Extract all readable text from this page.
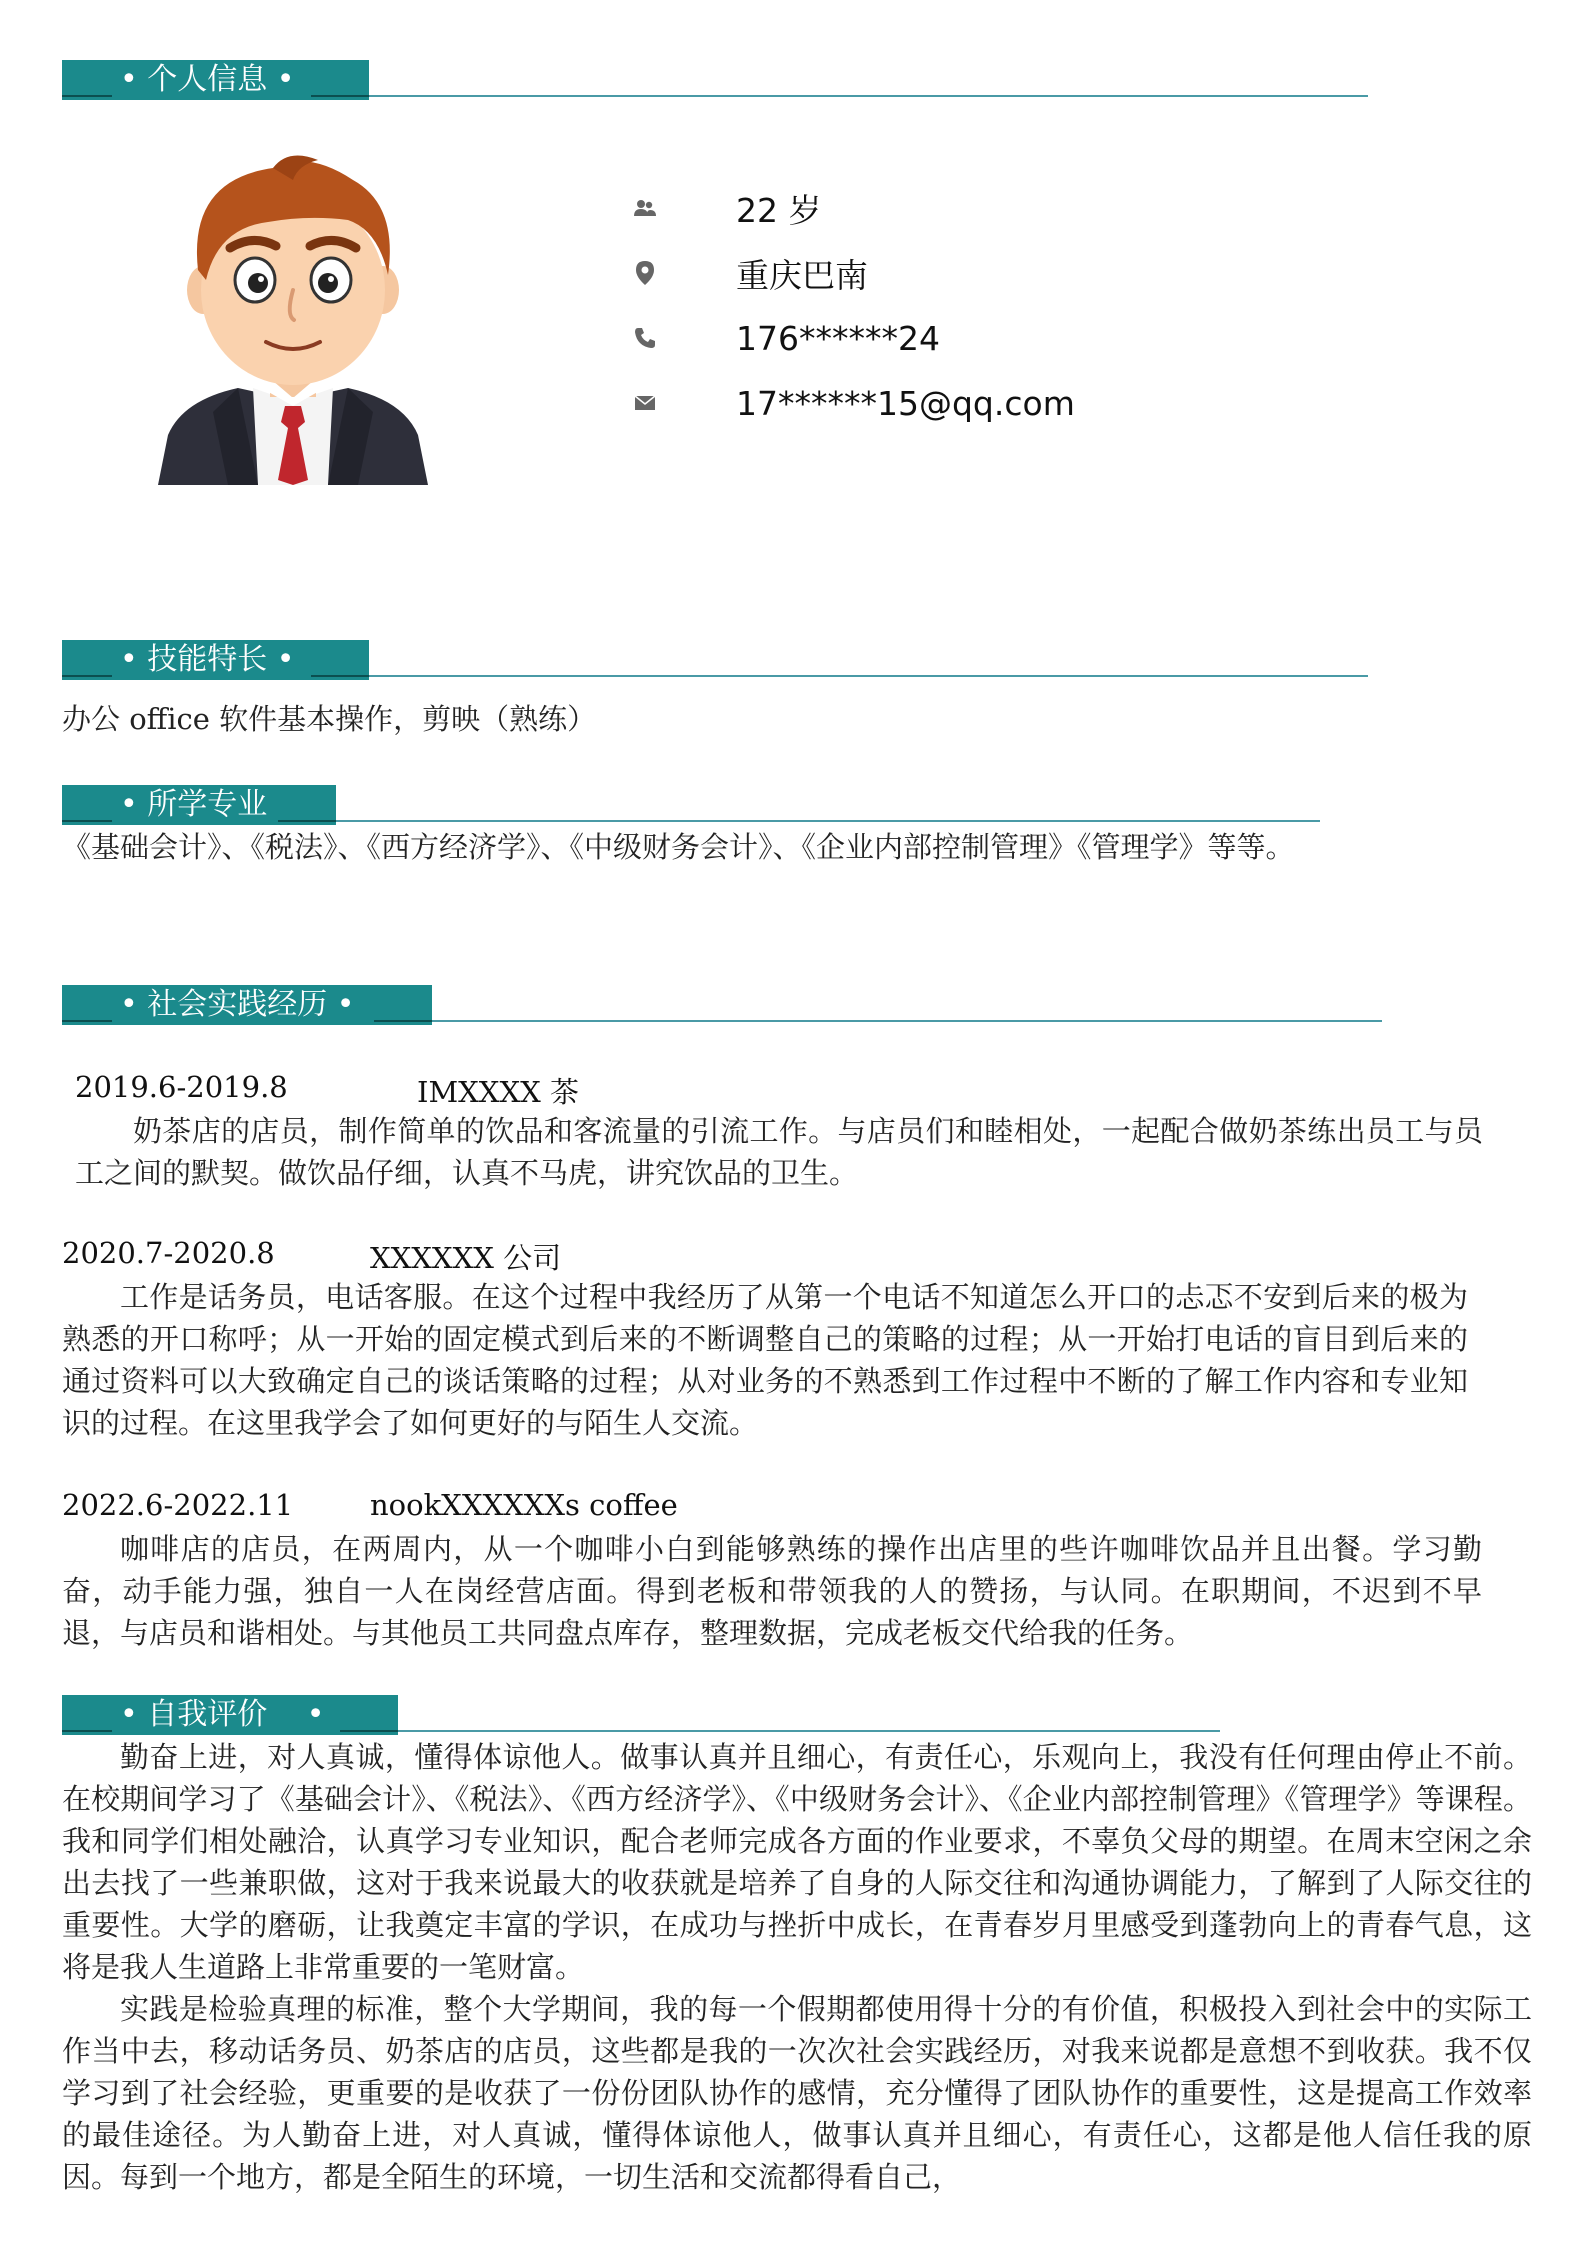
• 个人信息 •
22 岁
重庆巴南
176******24
17******15@qq.com
• 技能特长 •
办公 office 软件基本操作，剪映（熟练）
• 所学专业
《基础会计》、《税法》、《西方经济学》、《中级财务会计》、《企业内部控制管理》《管理学》等等。
• 社会实践经历 •
2019.6-2019.8	IMXXXX 茶
奶茶店的店员，制作简单的饮品和客流量的引流工作。与店员们和睦相处，一起配合做奶茶练出员工与员工之间的默契。做饮品仔细，认真不马虎，讲究饮品的卫生。
2020.7-2020.8	XXXXXX 公司
工作是话务员，电话客服。在这个过程中我经历了从第一个电话不知道怎么开口的忐忑不安到后来的极为熟悉的开口称呼；从一开始的固定模式到后来的不断调整自己的策略的过程；从一开始打电话的盲目到后来的通过资料可以大致确定自己的谈话策略的过程；从对业务的不熟悉到工作过程中不断的了解工作内容和专业知识的过程。在这里我学会了如何更好的与陌生人交流。
2022.6-2022.11	nookXXXXXXs coffee
咖啡店的店员，在两周内，从一个咖啡小白到能够熟练的操作出店里的些许咖啡饮品并且出餐。学习勤奋，动手能力强，独自一人在岗经营店面。得到老板和带领我的人的赞扬，与认同。在职期间，不迟到不早退，与店员和谐相处。与其他员工共同盘点库存，整理数据，完成老板交代给我的任务。
• 自我评价　 •
勤奋上进，对人真诚，懂得体谅他人。做事认真并且细心，有责任心，乐观向上，我没有任何理由停止不前。在校期间学习了《基础会计》、《税法》、《西方经济学》、《中级财务会计》、《企业内部控制管理》《管理学》等课程。我和同学们相处融洽，认真学习专业知识，配合老师完成各方面的作业要求，不辜负父母的期望。在周末空闲之余出去找了一些兼职做，这对于我来说最大的收获就是培养了自身的人际交往和沟通协调能力，了解到了人际交往的重要性。大学的磨砺，让我奠定丰富的学识，在成功与挫折中成长，在青春岁月里感受到蓬勃向上的青春气息，这将是我人生道路上非常重要的一笔财富。
实践是检验真理的标准，整个大学期间，我的每一个假期都使用得十分的有价值，积极投入到社会中的实际工作当中去，移动话务员、奶茶店的店员，这些都是我的一次次社会实践经历，对我来说都是意想不到收获。我不仅学习到了社会经验，更重要的是收获了一份份团队协作的感情，充分懂得了团队协作的重要性，这是提高工作效率的最佳途径。为人勤奋上进，对人真诚，懂得体谅他人，做事认真并且细心，有责任心，这都是他人信任我的原因。每到一个地方，都是全陌生的环境，一切生活和交流都得看自己，
